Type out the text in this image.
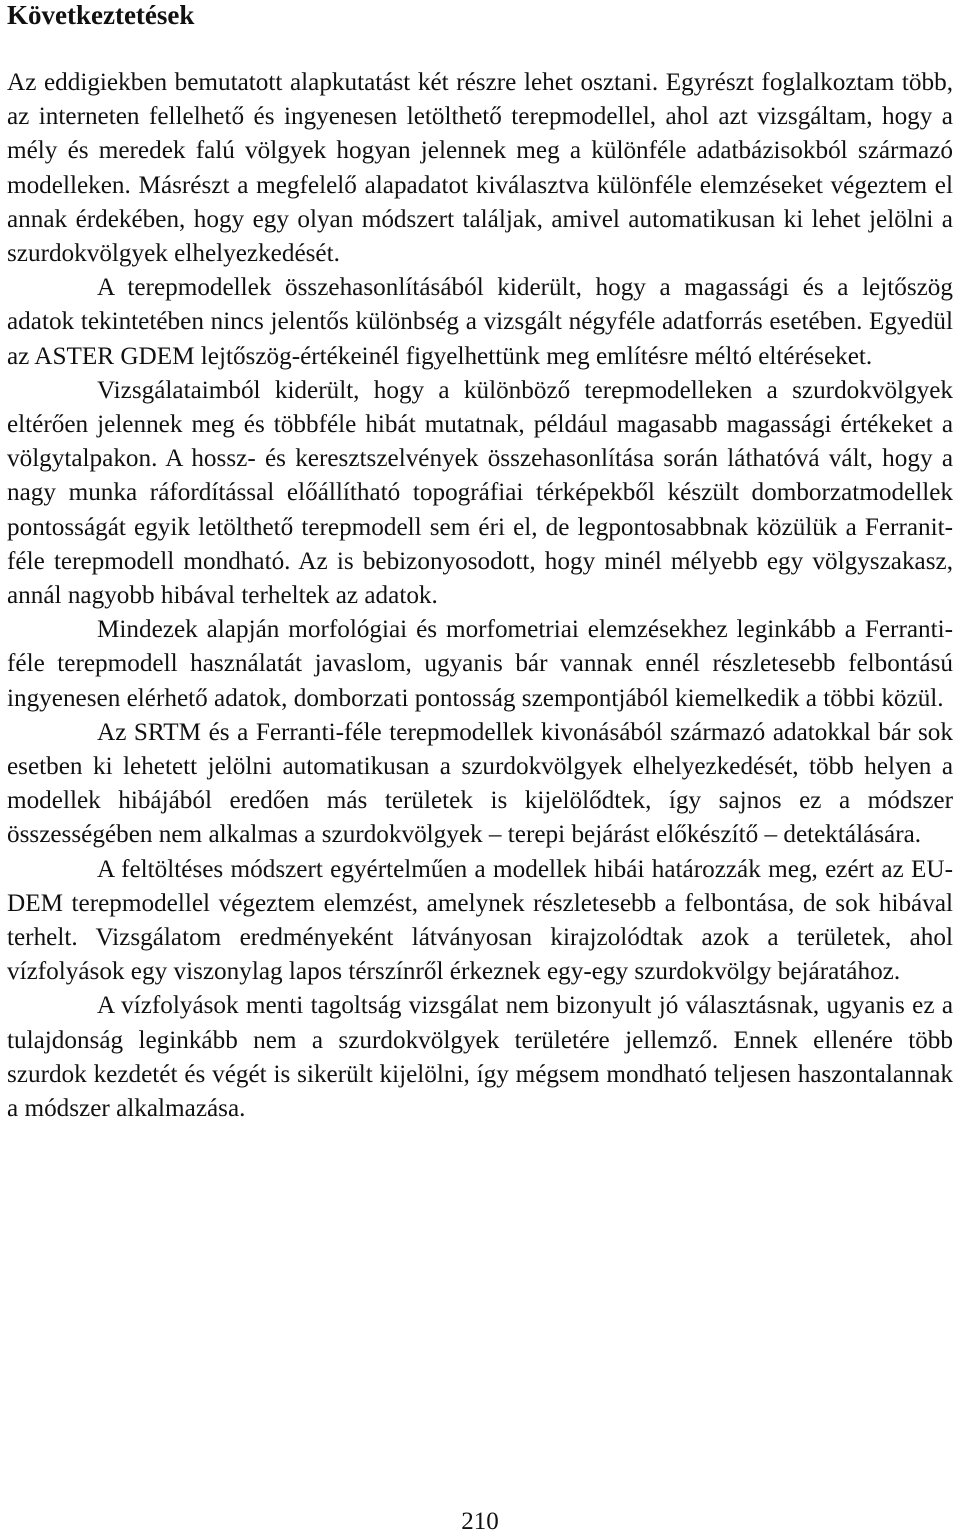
Következtetések

Az eddigiekben bemutatott alapkutatást két részre lehet osztani. Egyrészt foglalkoztam több, az interneten fellelhető és ingyenesen letölthető terepmodellel, ahol azt vizsgáltam, hogy a mély és meredek falú völgyek hogyan jelennek meg a különféle adatbázisokból származó modelleken. Másrészt a megfelelő alapadatot kiválasztva különféle elemzéseket végeztem el annak érdekében, hogy egy olyan módszert találjak, amivel automatikusan ki lehet jelölni a szurdokvölgyek elhelyezkedését.

A terepmodellek összehasonlításából kiderült, hogy a magassági és a lejtőszög adatok tekintetében nincs jelentős különbség a vizsgált négyféle adatforrás esetében. Egyedül az ASTER GDEM lejtőszög-értékeinél figyelhettünk meg említésre méltó eltéréseket.

Vizsgálataimból kiderült, hogy a különböző terepmodelleken a szurdokvölgyek eltérően jelennek meg és többféle hibát mutatnak, például magasabb magassági értékeket a völgytalpakon. A hossz- és keresztszelvények összehasonlítása során láthatóvá vált, hogy a nagy munka ráfordítással előállítható topográfiai térképekből készült domborzatmodellek pontosságát egyik letölthető terepmodell sem éri el, de legpontosabbnak közülük a Ferranit-féle terepmodell mondható. Az is bebizonyosodott, hogy minél mélyebb egy völgyszakasz, annál nagyobb hibával terheltek az adatok.

Mindezek alapján morfológiai és morfometriai elemzésekhez leginkább a Ferranti-féle terepmodell használatát javaslom, ugyanis bár vannak ennél részletesebb felbontású ingyenesen elérhető adatok, domborzati pontosság szempontjából kiemelkedik a többi közül.

Az SRTM és a Ferranti-féle terepmodellek kivonásából származó adatokkal bár sok esetben ki lehetett jelölni automatikusan a szurdokvölgyek elhelyezkedését, több helyen a modellek hibájából eredően más területek is kijelölődtek, így sajnos ez a módszer összességében nem alkalmas a szurdokvölgyek – terepi bejárást előkészítő – detektálására.

A feltöltéses módszert egyértelműen a modellek hibái határozzák meg, ezért az EU-DEM terepmodellel végeztem elemzést, amelynek részletesebb a felbontása, de sok hibával terhelt. Vizsgálatom eredményeként látványosan kirajzolódtak azok a területek, ahol vízfolyások egy viszonylag lapos térszínről érkeznek egy-egy szurdokvölgy bejáratához.

A vízfolyások menti tagoltság vizsgálat nem bizonyult jó választásnak, ugyanis ez a tulajdonság leginkább nem a szurdokvölgyek területére jellemző. Ennek ellenére több szurdok kezdetét és végét is sikerült kijelölni, így mégsem mondható teljesen haszontalannak a módszer alkalmazása.

210
